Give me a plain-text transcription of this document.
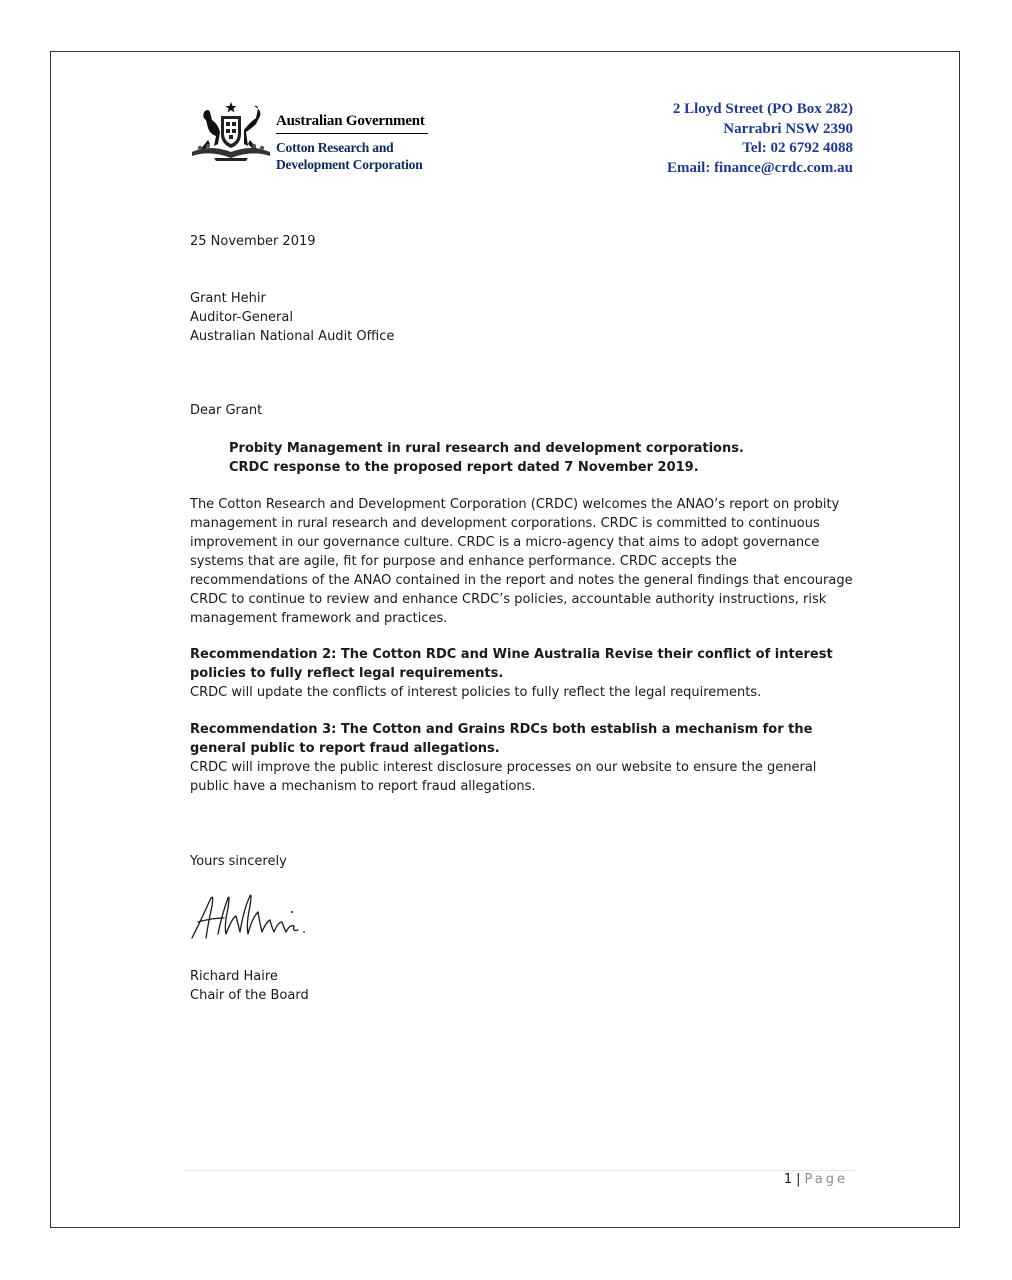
Australian Government
Cotton Research and
Development Corporation
2 Lloyd Street (PO Box 282)
Narrabri NSW 2390
Tel: 02 6792 4088
Email: finance@crdc.com.au
25 November 2019
Grant Hehir
Auditor-General
Australian National Audit Office
Dear Grant
Probity Management in rural research and development corporations.
CRDC response to the proposed report dated 7 November 2019.
The Cotton Research and Development Corporation (CRDC) welcomes the ANAO’s report on probity management in rural research and development corporations. CRDC is committed to continuous improvement in our governance culture. CRDC is a micro-agency that aims to adopt governance systems that are agile, fit for purpose and enhance performance. CRDC accepts the recommendations of the ANAO contained in the report and notes the general findings that encourage CRDC to continue to review and enhance CRDC’s policies, accountable authority instructions, risk management framework and practices.
Recommendation 2: The Cotton RDC and Wine Australia Revise their conflict of interest policies to fully reflect legal requirements.
CRDC will update the conflicts of interest policies to fully reflect the legal requirements.
Recommendation 3: The Cotton and Grains RDCs both establish a mechanism for the general public to report fraud allegations.
CRDC will improve the public interest disclosure processes on our website to ensure the general public have a mechanism to report fraud allegations.
Yours sincerely
Richard Haire
Chair of the Board
1 | Page
